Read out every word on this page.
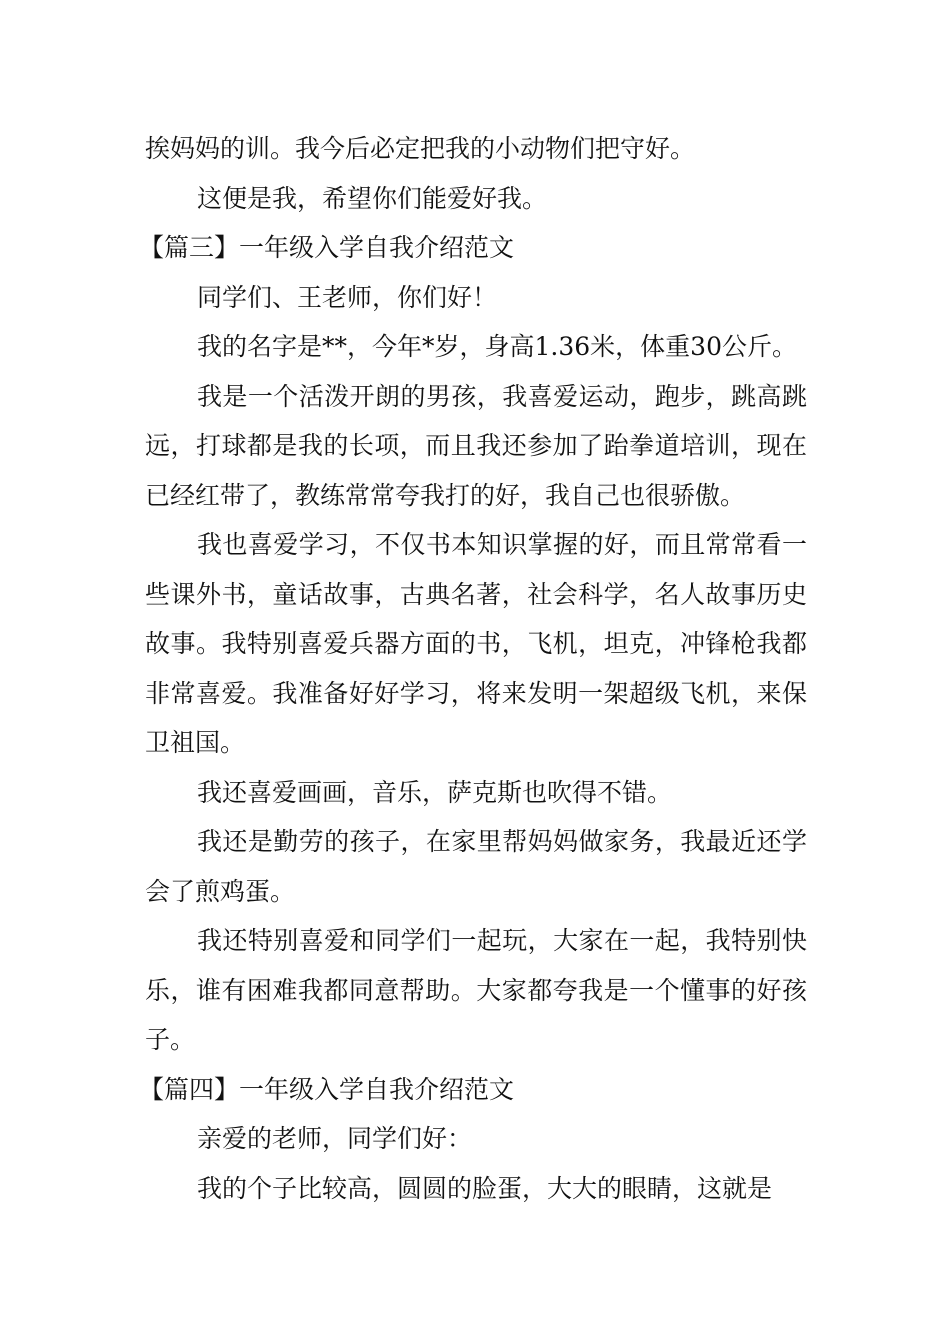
挨妈妈的训。我今后必定把我的小动物们把守好。

这便是我，希望你们能爱好我。

【篇三】一年级入学自我介绍范文

同学们、王老师，你们好！

我的名字是**，今年*岁，身高1.36米，体重30公斤。

我是一个活泼开朗的男孩，我喜爱运动，跑步，跳高跳远，打球都是我的长项，而且我还参加了跆拳道培训，现在已经红带了，教练常常夸我打的好，我自己也很骄傲。

我也喜爱学习，不仅书本知识掌握的好，而且常常看一些课外书，童话故事，古典名著，社会科学，名人故事历史故事。我特别喜爱兵器方面的书，飞机，坦克，冲锋枪我都非常喜爱。我准备好好学习，将来发明一架超级飞机，来保卫祖国。

我还喜爱画画，音乐，萨克斯也吹得不错。

我还是勤劳的孩子，在家里帮妈妈做家务，我最近还学会了煎鸡蛋。

我还特别喜爱和同学们一起玩，大家在一起，我特别快乐，谁有困难我都同意帮助。大家都夸我是一个懂事的好孩子。

【篇四】一年级入学自我介绍范文

亲爱的老师，同学们好：

我的个子比较高，圆圆的脸蛋，大大的眼睛，这就是
